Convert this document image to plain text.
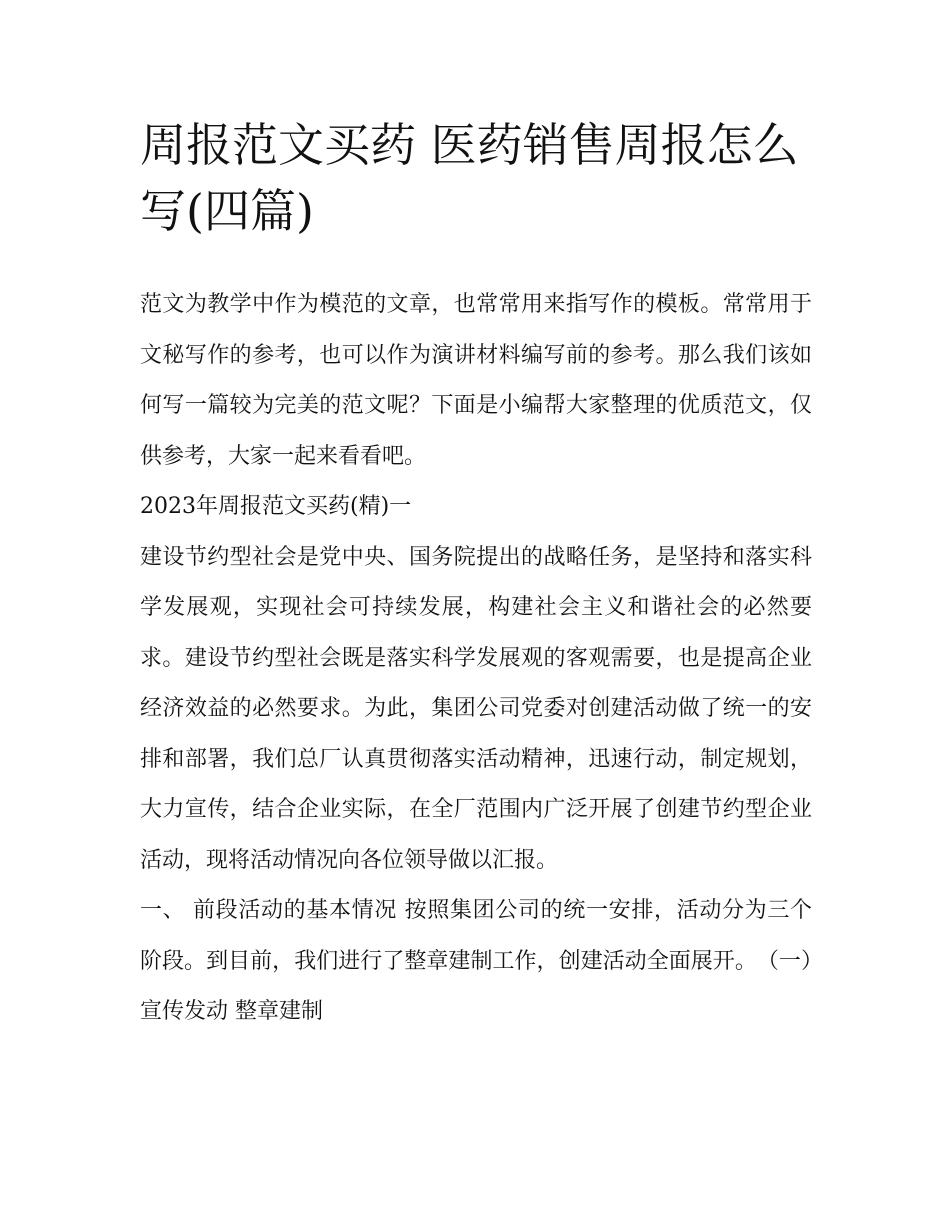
周报范文买药 医药销售周报怎么写(四篇)

范文为教学中作为模范的文章，也常常用来指写作的模板。常常用于文秘写作的参考，也可以作为演讲材料编写前的参考。那么我们该如何写一篇较为完美的范文呢？下面是小编帮大家整理的优质范文，仅供参考，大家一起来看看吧。

2023年周报范文买药(精)一

建设节约型社会是党中央、国务院提出的战略任务，是坚持和落实科学发展观，实现社会可持续发展，构建社会主义和谐社会的必然要求。建设节约型社会既是落实科学发展观的客观需要，也是提高企业经济效益的必然要求。为此，集团公司党委对创建活动做了统一的安排和部署，我们总厂认真贯彻落实活动精神，迅速行动，制定规划，大力宣传，结合企业实际，在全厂范围内广泛开展了创建节约型企业活动，现将活动情况向各位领导做以汇报。

一、 前段活动的基本情况 按照集团公司的统一安排，活动分为三个阶段。到目前，我们进行了整章建制工作，创建活动全面展开。　 （一）宣传发动 整章建制
